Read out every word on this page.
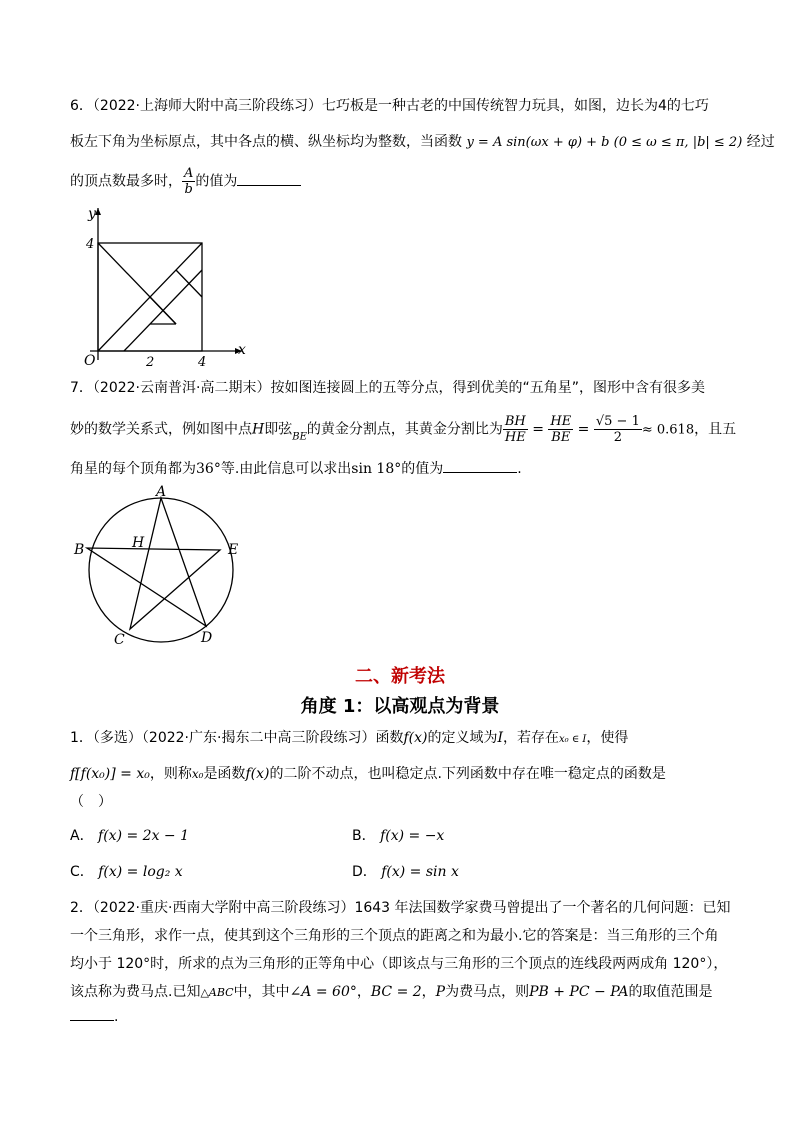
6．（2022·上海师大附中高三阶段练习）七巧板是一种古老的中国传统智力玩具，如图，边长为4的七巧
板左下角为坐标原点，其中各点的横、纵坐标均为整数，当函数 y = A sin(ωx + φ) + b (0 ≤ ω ≤ π, |b| ≤ 2) 经过
的顶点数最多时， $\frac{A}{b}$ 的值为
y
x
O
4
2	4
7．（2022·云南普洱·高二期末）按如图连接圆上的五等分点，得到优美的“五角星”，图形中含有很多美
妙的数学关系式，例如图中点H即弦$_{BE}$的黄金分割点，其黄金分割比为 $\frac{BH}{HE} = \frac{HE}{BE} = \frac{√5 - 1}{2} \approx 0.618$，且五
角星的每个顶角都为36°等.由此信息可以求出sin 18°的值为	.
A
B	E
H
C	D
二、新考法
角度 1：以高观点为背景
1．（多选）（2022·广东·揭东二中高三阶段练习）函数f(x)的定义域为I，若存在x₀ ∈ I，使得
f[f(x₀)] = x₀，则称x₀是函数f(x)的二阶不动点，也叫稳定点.下列函数中存在唯一稳定点的函数是
（　）
A． f(x) = 2x − 1	B． f(x) = −x
C． f(x) = log₂ x	D． f(x) = sin x
2．（2022·重庆·西南大学附中高三阶段练习）1643 年法国数学家费马曾提出了一个著名的几何问题：已知
一个三角形，求作一点，使其到这个三角形的三个顶点的距离之和为最小.它的答案是：当三角形的三个角
均小于 120°时，所求的点为三角形的正等角中心（即该点与三角形的三个顶点的连线段两两成角 120°），
该点称为费马点.已知△ABC中，其中∠A = 60°，BC = 2，P为费马点，则PB + PC − PA的取值范围是
.
